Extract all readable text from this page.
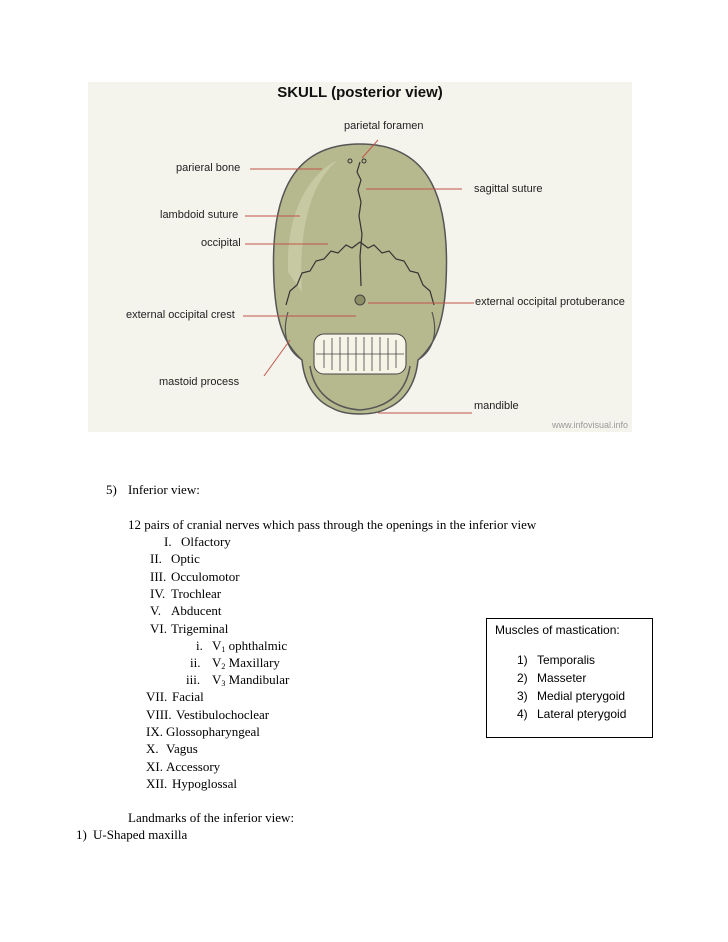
SKULL (posterior view)
parietal foramen
parieral bone
sagittal suture
lambdoid suture
occipital
external occipital crest
external occipital protuberance
mastoid process
mandible
www.infovisual.info
5) Inferior view:
12 pairs of cranial nerves which pass through the openings in the inferior view
I. Olfactory
II. Optic
III. Occulomotor
IV. Trochlear
V. Abducent
VI. Trigeminal
i. $V_1$ ophthalmic
ii. $V_2$ Maxillary
iii. $V_3$ Mandibular
VII. Facial
VIII. Vestibulochoclear
IX. Glossopharyngeal
X. Vagus
XI. Accessory
XII. Hypoglossal
Landmarks of the inferior view:
1) U-Shaped maxilla
Muscles of mastication:
1) Temporalis
2) Masseter
3) Medial pterygoid
4) Lateral pterygoid
